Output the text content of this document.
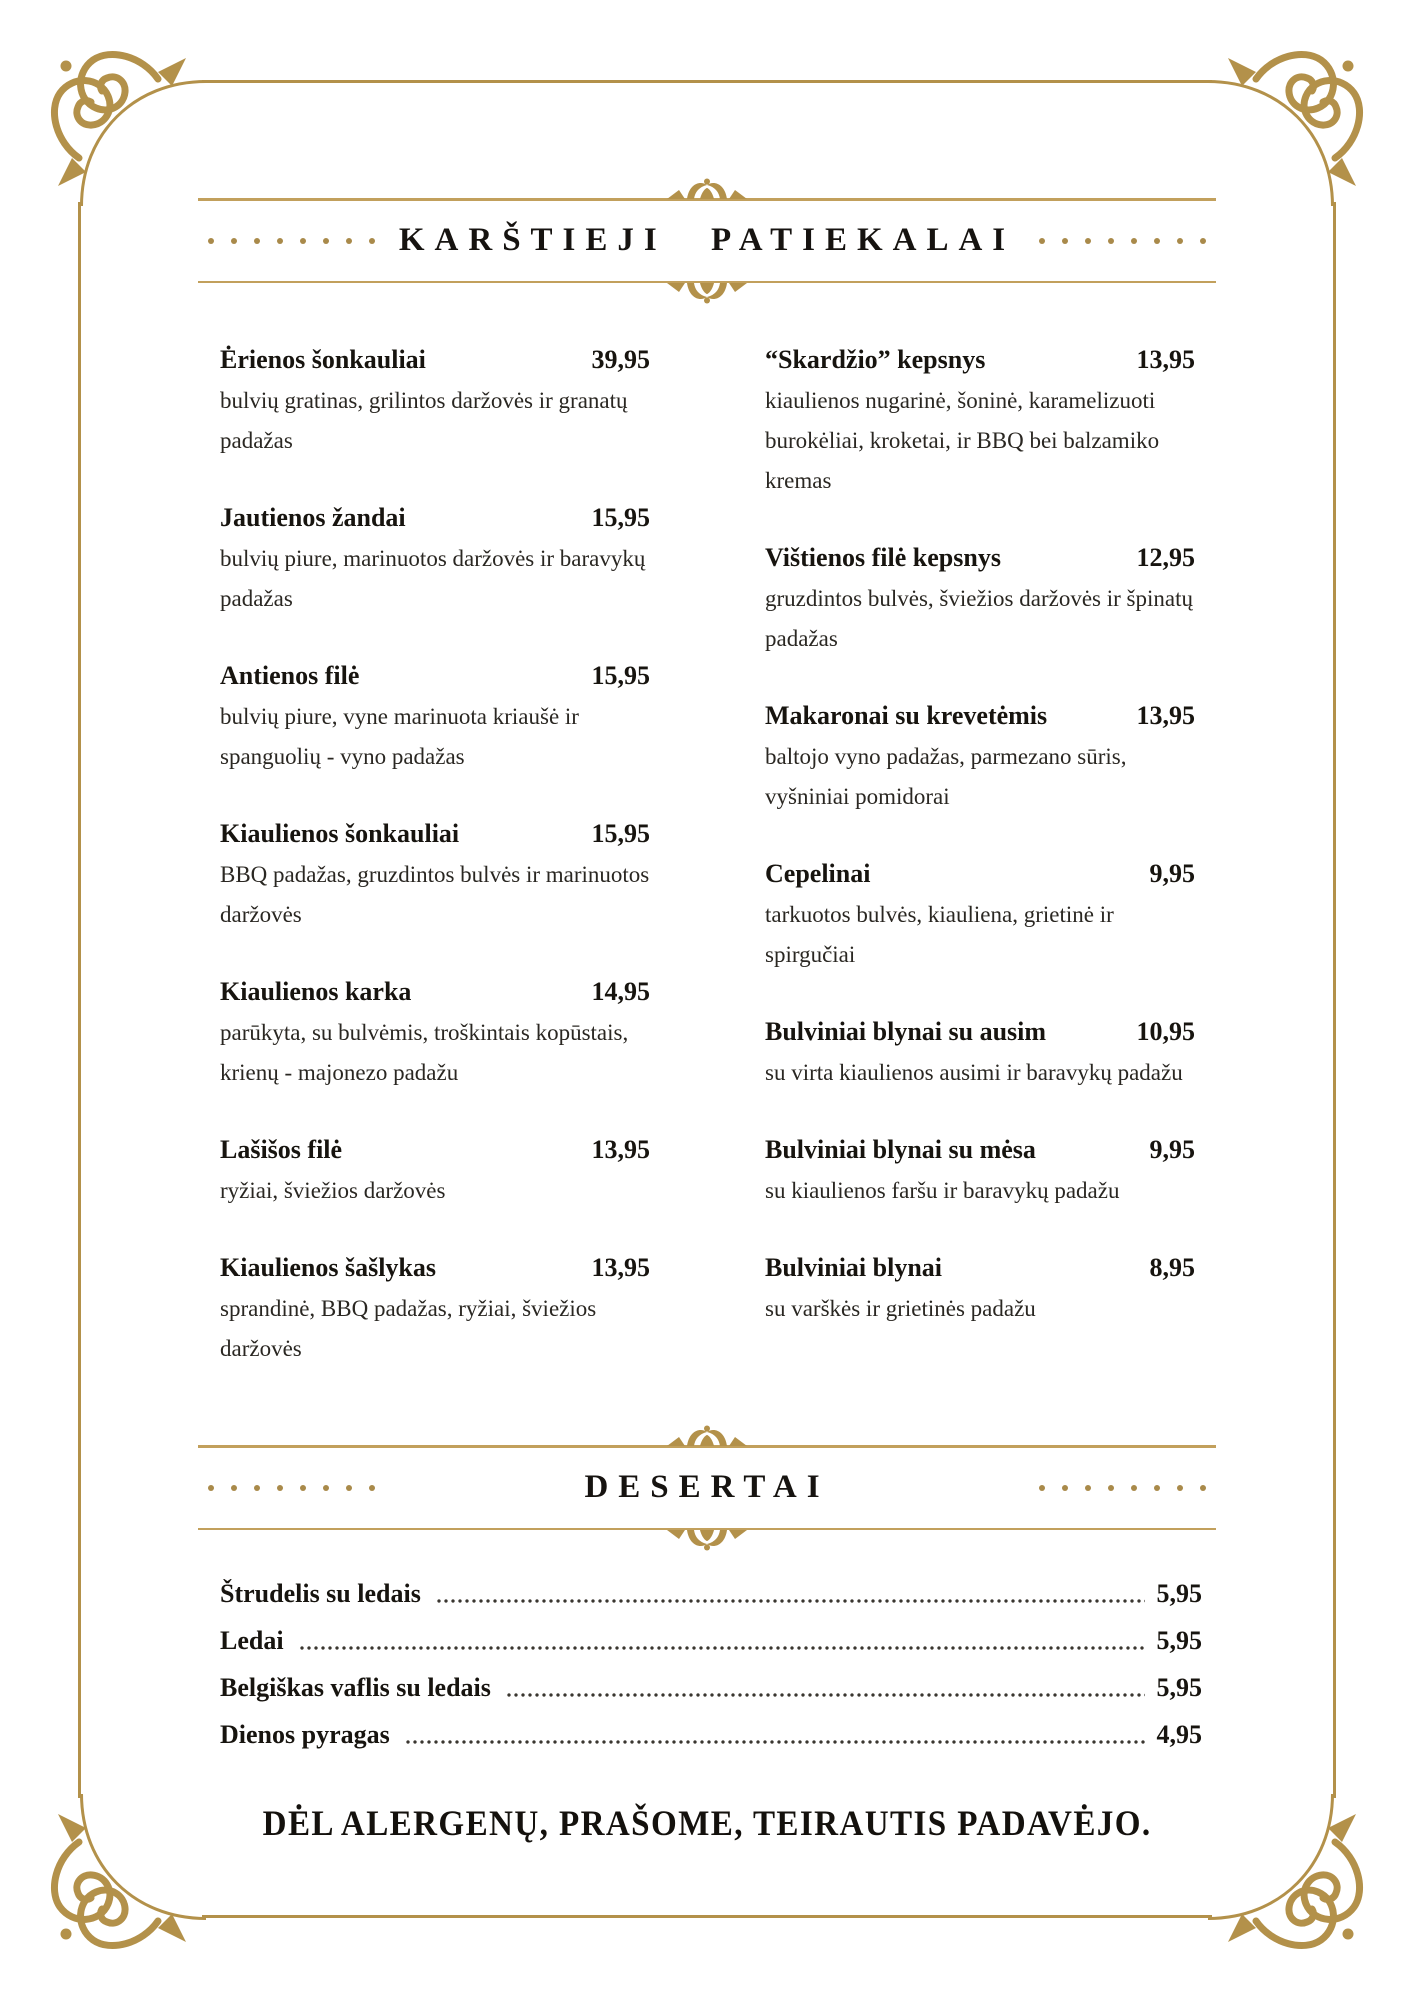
KARŠTIEJI PATIEKALAI
Ėrienos šonkauliai	39,95

bulvių gratinas, grilintos daržovės ir granatų padažas

Jautienos žandai	15,95

bulvių piure, marinuotos daržovės ir baravykų padažas

Antienos filė	15,95

bulvių piure, vyne marinuota kriaušė ir spanguolių - vyno padažas

Kiaulienos šonkauliai	15,95

BBQ padažas, gruzdintos bulvės ir marinuotos daržovės

Kiaulienos karka	14,95

parūkyta, su bulvėmis, troškintais kopūstais, krienų - majonezo padažu

Lašišos filė	13,95

ryžiai, šviežios daržovės

Kiaulienos šašlykas	13,95

sprandinė, BBQ padažas, ryžiai, šviežios daržovės

“Skardžio” kepsnys	13,95

kiaulienos nugarinė, šoninė, karamelizuoti burokėliai, kroketai, ir BBQ bei balzamiko kremas

Vištienos filė kepsnys	12,95

gruzdintos bulvės, šviežios daržovės ir špinatų padažas

Makaronai su krevetėmis	13,95

baltojo vyno padažas, parmezano sūris, vyšniniai pomidorai

Cepelinai	9,95

tarkuotos bulvės, kiauliena, grietinė ir spirgučiai

Bulviniai blynai su ausim	10,95

su virta kiaulienos ausimi ir baravykų padažu

Bulviniai blynai su mėsa	9,95

su kiaulienos faršu ir baravykų padažu

Bulviniai blynai	8,95

su varškės ir grietinės padažu

DESERTAI
Štrudelis su ledais	5,95
Ledai	5,95
Belgiškas vaflis su ledais	5,95
Dienos pyragas	4,95
DĖL ALERGENŲ, PRAŠOME, TEIRAUTIS PADAVĖJO.
